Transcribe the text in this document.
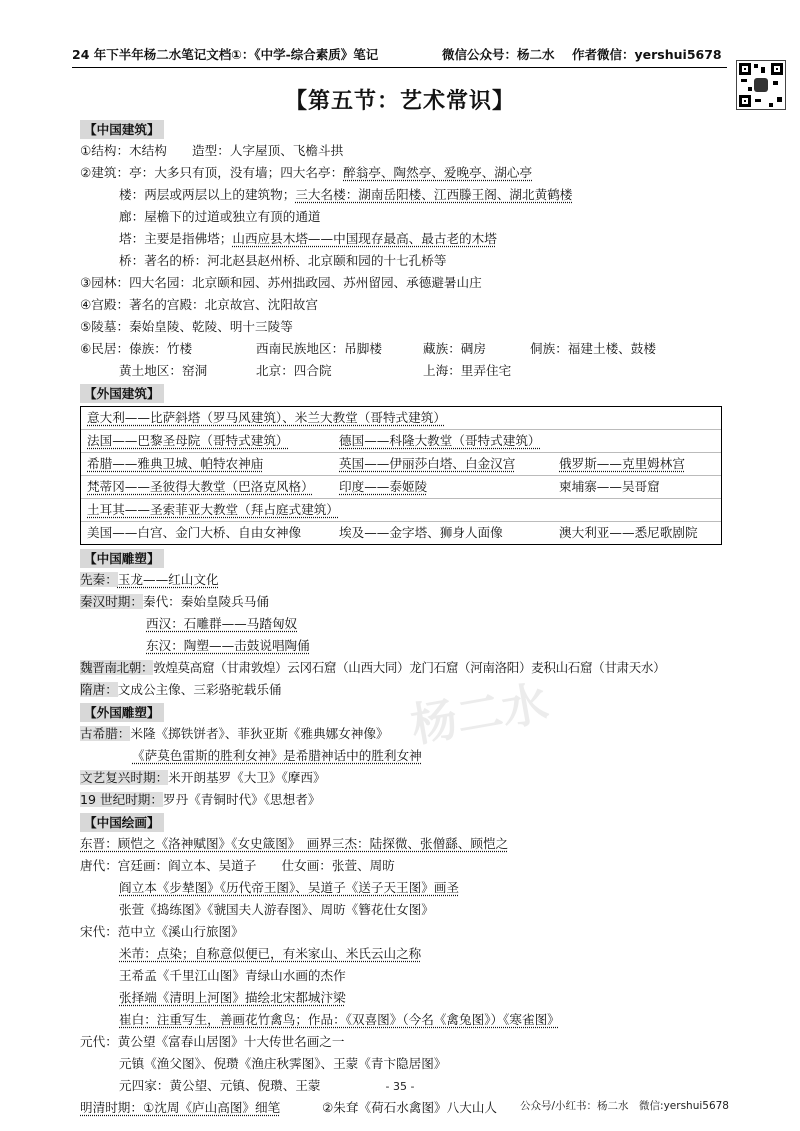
24 年下半年杨二水笔记文档①：《中学-综合素质》笔记	微信公众号：杨二水 作者微信：yershui5678
【第五节：艺术常识】
杨二水
【中国建筑】
①结构：木结构　　造型：人字屋顶、飞檐斗拱
②建筑：亭：大多只有顶，没有墙；四大名亭：醉翁亭、陶然亭、爱晚亭、湖心亭
楼：两层或两层以上的建筑物；三大名楼：湖南岳阳楼、江西滕王阁、湖北黄鹤楼
廊：屋檐下的过道或独立有顶的通道
塔：主要是指佛塔；山西应县木塔——中国现存最高、最古老的木塔
桥：著名的桥：河北赵县赵州桥、北京颐和园的十七孔桥等
③园林：四大名园：北京颐和园、苏州拙政园、苏州留园、承德避暑山庄
④宫殿：著名的宫殿：北京故宫、沈阳故宫
⑤陵墓：秦始皇陵、乾陵、明十三陵等
⑥民居：傣族：竹楼	西南民族地区：吊脚楼	藏族：碉房	侗族：福建土楼、鼓楼
黄土地区：窑洞	北京：四合院	上海：里弄住宅
【外国建筑】
意大利——比萨斜塔（罗马风建筑）、米兰大教堂（哥特式建筑）
法国——巴黎圣母院（哥特式建筑）	德国——科隆大教堂（哥特式建筑）
希腊——雅典卫城、帕特农神庙	英国——伊丽莎白塔、白金汉宫	俄罗斯——克里姆林宫
梵蒂冈——圣彼得大教堂（巴洛克风格） 印度——泰姬陵	柬埔寨——吴哥窟
土耳其——圣索菲亚大教堂（拜占庭式建筑）
美国——白宫、金门大桥、自由女神像	埃及——金字塔、狮身人面像	澳大利亚——悉尼歌剧院
【中国雕塑】
先秦：玉龙——红山文化
秦汉时期：秦代：秦始皇陵兵马俑
西汉：石雕群——马踏匈奴
东汉：陶塑——击鼓说唱陶俑
魏晋南北朝：敦煌莫高窟（甘肃敦煌）云冈石窟（山西大同）龙门石窟（河南洛阳）麦积山石窟（甘肃天水）
隋唐：文成公主像、三彩骆驼载乐俑
【外国雕塑】
古希腊：米隆《掷铁饼者》、菲狄亚斯《雅典娜女神像》
《萨莫色雷斯的胜利女神》是希腊神话中的胜利女神
文艺复兴时期：米开朗基罗《大卫》《摩西》
19 世纪时期：罗丹《青铜时代》《思想者》
【中国绘画】
东晋：顾恺之《洛神赋图》《女史箴图》　画界三杰：陆探微、张僧繇、顾恺之
唐代：宫廷画：阎立本、吴道子　　仕女画：张萱、周昉
阎立本《步辇图》《历代帝王图》、吴道子《送子天王图》画圣
张萱《捣练图》《虢国夫人游春图》、周昉《簪花仕女图》
宋代：范中立《溪山行旅图》
米芾：点染；自称意似便已，有米家山、米氏云山之称
王希孟《千里江山图》青绿山水画的杰作
张择端《清明上河图》描绘北宋都城汴梁
崔白：注重写生，善画花竹禽鸟；作品：《双喜图》（今名《禽兔图》）《寒雀图》
元代：黄公望《富春山居图》十大传世名画之一
元镇《渔父图》、倪瓒《渔庄秋霁图》、王蒙《青卞隐居图》
元四家：黄公望、元镇、倪瓒、王蒙
明清时期：①沈周《庐山高图》细笔	②朱耷《荷石水禽图》八大山人
- 35 -
公众号/小红书：杨二水　微信:yershui5678
